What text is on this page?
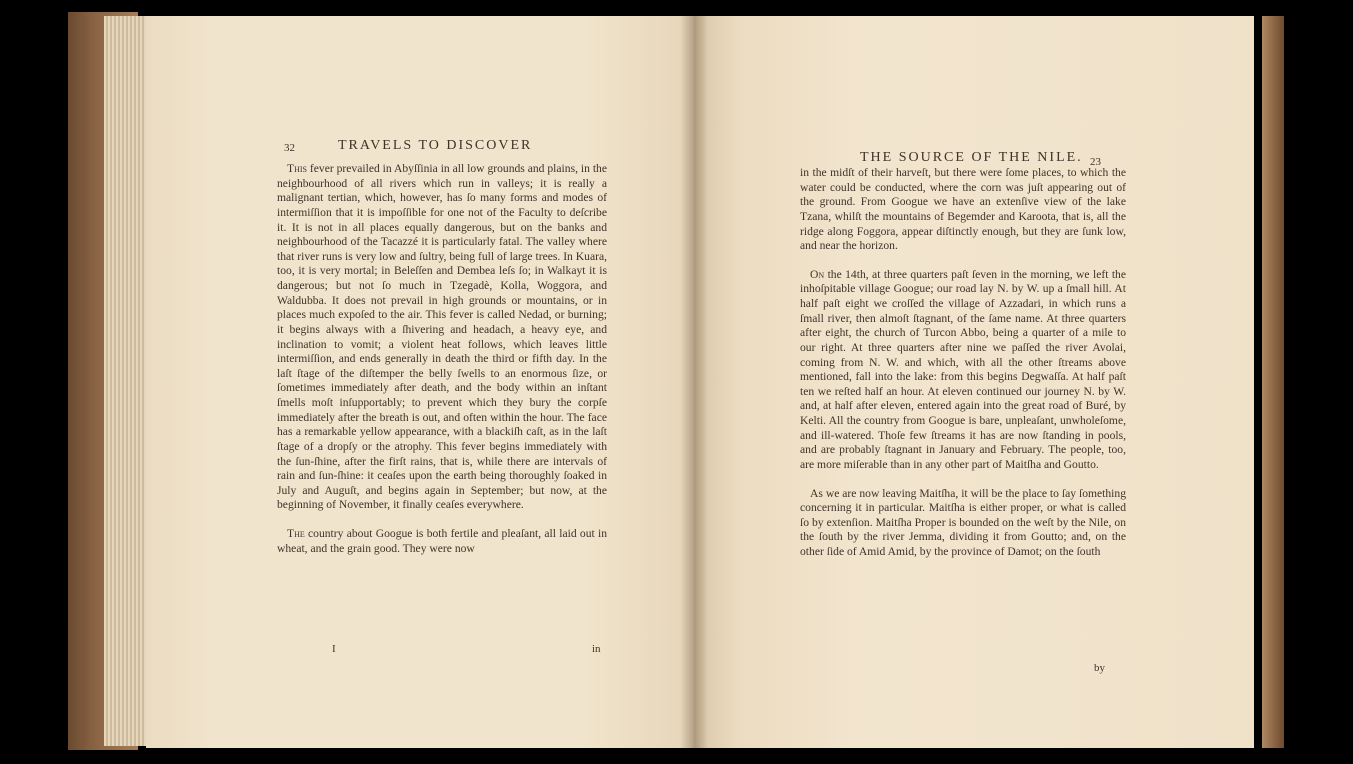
32	TRAVELS TO DISCOVER

This fever prevailed in Abyſſinia in all low grounds and plains, in the neighbourhood of all rivers which run in valleys; it is really a malignant tertian, which, however, has ſo many forms and modes of intermiſſion that it is impoſſible for one not of the Faculty to deſcribe it. It is not in all places equally dangerous, but on the banks and neighbourhood of the Tacazzé it is particularly fatal. The valley where that river runs is very low and ſultry, being full of large trees. In Kuara, too, it is very mortal; in Beleſſen and Dembea leſs ſo; in Walkayt it is dangerous; but not ſo much in Tzegadè, Kolla, Woggora, and Waldubba. It does not prevail in high grounds or mountains, or in places much expoſed to the air. This fever is called Nedad, or burning; it begins always with a ſhivering and headach, a heavy eye, and inclination to vomit; a violent heat follows, which leaves little intermiſſion, and ends generally in death the third or fifth day. In the laſt ſtage of the diſtemper the belly ſwells to an enormous ſize, or ſometimes immediately after death, and the body within an inſtant ſmells moſt inſupportably; to prevent which they bury the corpſe immediately after the breath is out, and often within the hour. The face has a remarkable yellow appearance, with a blackiſh caſt, as in the laſt ſtage of a dropſy or the atrophy. This fever begins immediately with the ſun-ſhine, after the firſt rains, that is, while there are intervals of rain and ſun-ſhine: it ceaſes upon the earth being thoroughly ſoaked in July and Auguſt, and begins again in September; but now, at the beginning of November, it finally ceaſes everywhere.

The country about Googue is both fertile and pleaſant, all laid out in wheat, and the grain good. They were now

I	in
THE SOURCE OF THE NILE. 23

in the midſt of their harveſt, but there were ſome places, to which the water could be conducted, where the corn was juſt appearing out of the ground. From Googue we have an extenſive view of the lake Tzana, whilſt the mountains of Begemder and Karoota, that is, all the ridge along Foggora, appear diſtinctly enough, but they are ſunk low, and near the horizon.

On the 14th, at three quarters paſt ſeven in the morning, we left the inhoſpitable village Googue; our road lay N. by W. up a ſmall hill. At half paſt eight we croſſed the village of Azzadari, in which runs a ſmall river, then almoſt ſtagnant, of the ſame name. At three quarters after eight, the church of Turcon Abbo, being a quarter of a mile to our right. At three quarters after nine we paſſed the river Avolai, coming from N. W. and which, with all the other ſtreams above mentioned, fall into the lake: from this begins Degwaſſa. At half paſt ten we reſted half an hour. At eleven continued our journey N. by W. and, at half after eleven, entered again into the great road of Buré, by Kelti. All the country from Googue is bare, unpleaſant, unwholeſome, and ill-watered. Thoſe few ſtreams it has are now ſtanding in pools, and are probably ſtagnant in January and February. The people, too, are more miſerable than in any other part of Maitſha and Goutto.

As we are now leaving Maitſha, it will be the place to ſay ſomething concerning it in particular. Maitſha is either proper, or what is called ſo by extenſion. Maitſha Proper is bounded on the weſt by the Nile, on the ſouth by the river Jemma, dividing it from Goutto; and, on the other ſide of Amid Amid, by the province of Damot; on the ſouth

by
